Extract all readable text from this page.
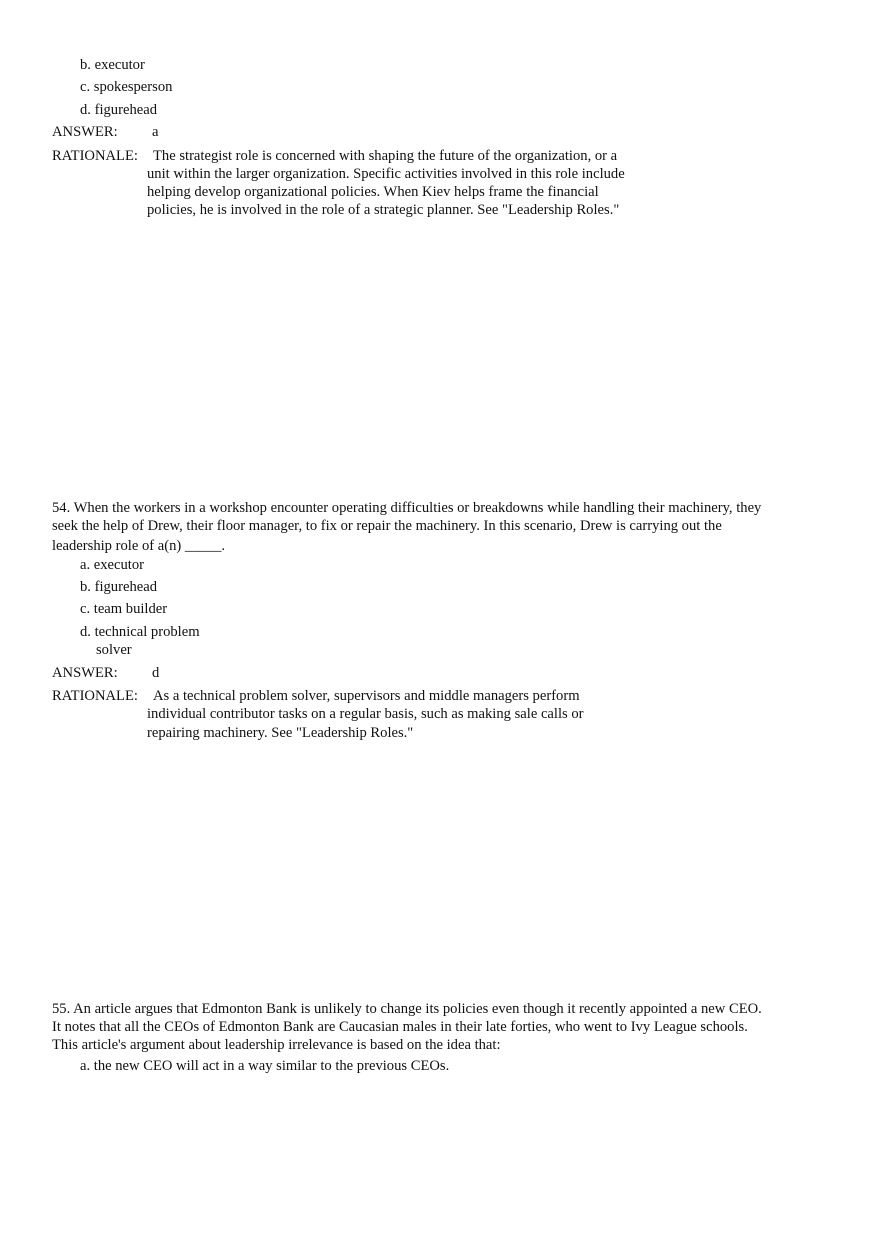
b. executor
c. spokesperson
d. figurehead
ANSWER: a
RATIONALE: The strategist role is concerned with shaping the future of the organization, or a
unit within the larger organization. Specific activities involved in this role include
helping develop organizational policies. When Kiev helps frame the financial
policies, he is involved in the role of a strategic planner. See "Leadership Roles."
54. When the workers in a workshop encounter operating difficulties or breakdowns while handling their machinery, they
seek the help of Drew, their floor manager, to fix or repair the machinery. In this scenario, Drew is carrying out the
leadership role of a(n) _____.
a. executor
b. figurehead
c. team builder
d. technical problem
solver
ANSWER: d
RATIONALE: As a technical problem solver, supervisors and middle managers perform
individual contributor tasks on a regular basis, such as making sale calls or
repairing machinery. See "Leadership Roles."
55. An article argues that Edmonton Bank is unlikely to change its policies even though it recently appointed a new CEO.
It notes that all the CEOs of Edmonton Bank are Caucasian males in their late forties, who went to Ivy League schools.
This article's argument about leadership irrelevance is based on the idea that:
a. the new CEO will act in a way similar to the previous CEOs.
